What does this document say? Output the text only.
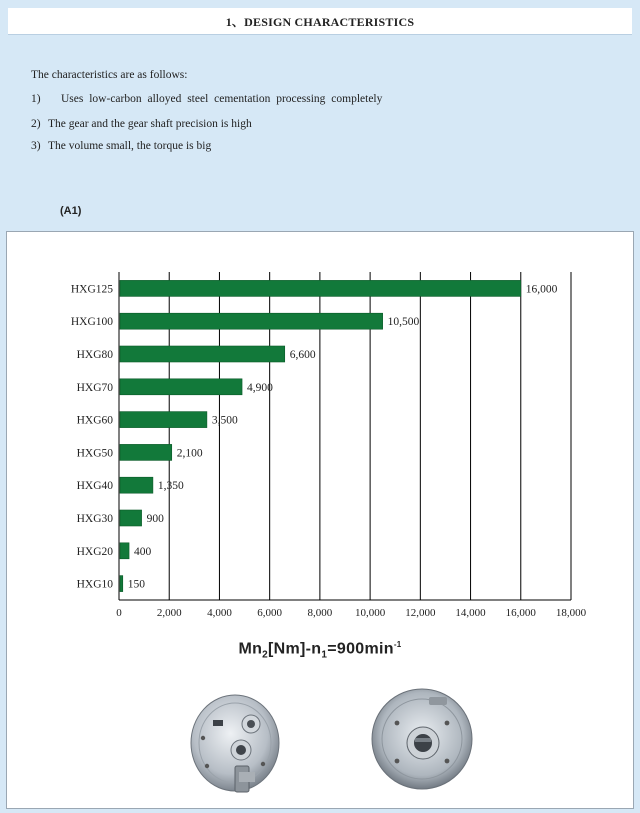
1、DESIGN CHARACTERISTICS
The characteristics are as follows:
1) Uses low-carbon alloyed steel cementation processing completely
2) The gear and the gear shaft precision is high
3) The volume small, the torque is big
(A1)
0	2,000 4,000 6,000 8,000 10,000 12,000 14,000 16,000 18,000
HXG125	16,000
HXG100	10,500
HXG80	6,600
HXG70	4,900
HXG60	3,500
HXG50	2,100
HXG40	1,350
HXG30	900
HXG20 400
HXG10 150
$Mn_2[Nm]-n_1=900\min^{-1}$
